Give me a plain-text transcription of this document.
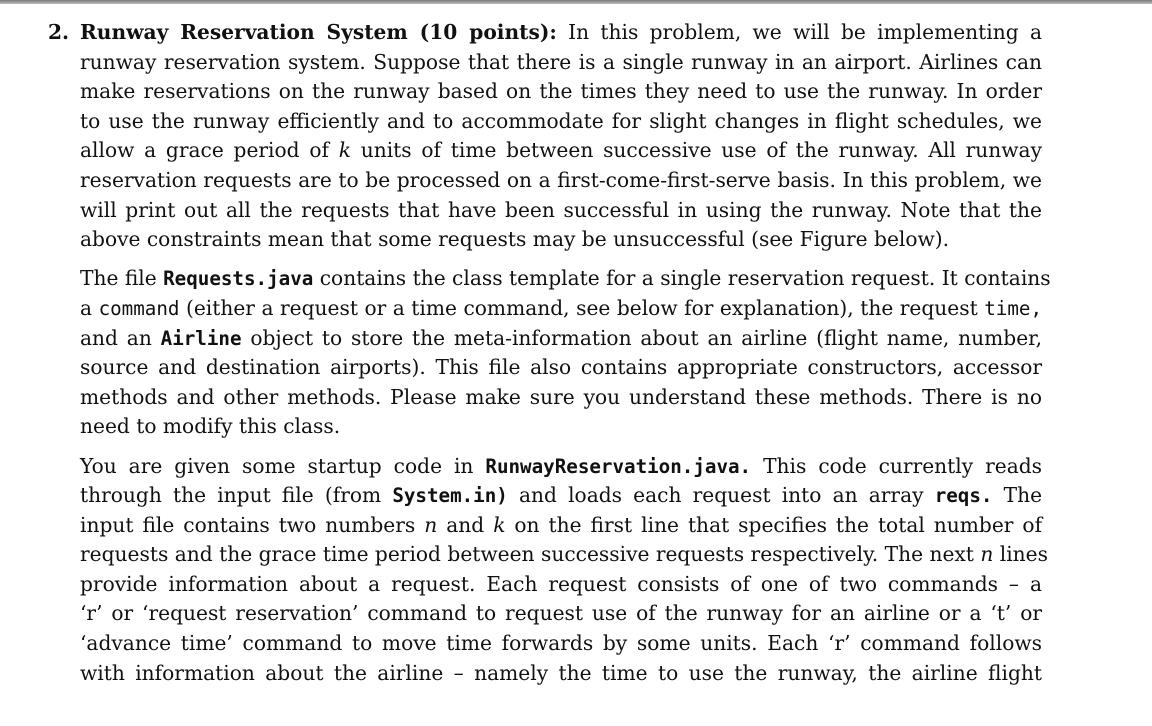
2. Runway Reservation System (10 points): In this problem, we will be implementing a
runway reservation system. Suppose that there is a single runway in an airport. Airlines can
make reservations on the runway based on the times they need to use the runway. In order
to use the runway efficiently and to accommodate for slight changes in flight schedules, we
allow a grace period of k units of time between successive use of the runway. All runway
reservation requests are to be processed on a first-come-first-serve basis. In this problem, we
will print out all the requests that have been successful in using the runway. Note that the
above constraints mean that some requests may be unsuccessful (see Figure below).
The file Requests.java contains the class template for a single reservation request. It contains
a command (either a request or a time command, see below for explanation), the request time,
and an Airline object to store the meta-information about an airline (flight name, number,
source and destination airports). This file also contains appropriate constructors, accessor
methods and other methods. Please make sure you understand these methods. There is no
need to modify this class.
You are given some startup code in RunwayReservation.java. This code currently reads
through the input file (from System.in) and loads each request into an array reqs. The
input file contains two numbers n and k on the first line that specifies the total number of
requests and the grace time period between successive requests respectively. The next n lines
provide information about a request. Each request consists of one of two commands – a
‘r’ or ‘request reservation’ command to request use of the runway for an airline or a ‘t’ or
‘advance time’ command to move time forwards by some units. Each ‘r’ command follows
with information about the airline – namely the time to use the runway, the airline flight
